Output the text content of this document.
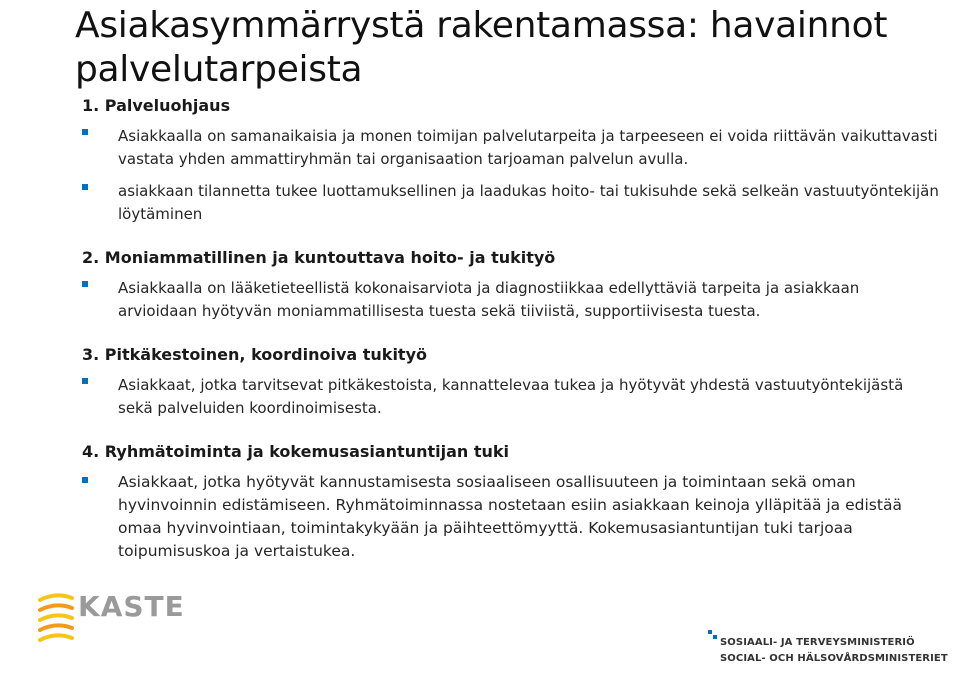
Asiakasymmärrystä rakentamassa: havainnot palvelutarpeista
1. Palveluohjaus
Asiakkaalla on samanaikaisia ja monen toimijan palvelutarpeita ja tarpeeseen ei voida riittävän vaikuttavasti vastata yhden ammattiryhmän tai organisaation tarjoaman palvelun avulla.
asiakkaan tilannetta tukee luottamuksellinen ja laadukas hoito- tai tukisuhde sekä selkeän vastuutyöntekijän löytäminen
2. Moniammatillinen ja kuntouttava hoito- ja tukityö
Asiakkaalla on lääketieteellistä kokonaisarviota ja diagnostiikkaa edellyttäviä tarpeita ja asiakkaan arvioidaan hyötyvän moniammatillisesta tuesta sekä tiiviistä, supportiivisesta tuesta.
3. Pitkäkestoinen, koordinoiva tukityö
Asiakkaat, jotka tarvitsevat pitkäkestoista, kannattelevaa tukea ja hyötyvät yhdestä vastuutyöntekijästä sekä palveluiden koordinoimisesta.
4. Ryhmätoiminta ja kokemusasiantuntijan tuki
Asiakkaat, jotka hyötyvät kannustamisesta sosiaaliseen osallisuuteen ja toimintaan sekä oman hyvinvoinnin edistämiseen. Ryhmätoiminnassa nostetaan esiin asiakkaan keinoja ylläpitää ja edistää omaa hyvinvointiaan, toimintakykyään ja päihteettömyyttä. Kokemusasiantuntijan tuki tarjoaa toipumisuskoa ja vertaistukea.
KASTE
SOSIAALI- JA TERVEYSMINISTERIÖ
SOCIAL- OCH HÄLSOVÅRDSMINISTERIET
